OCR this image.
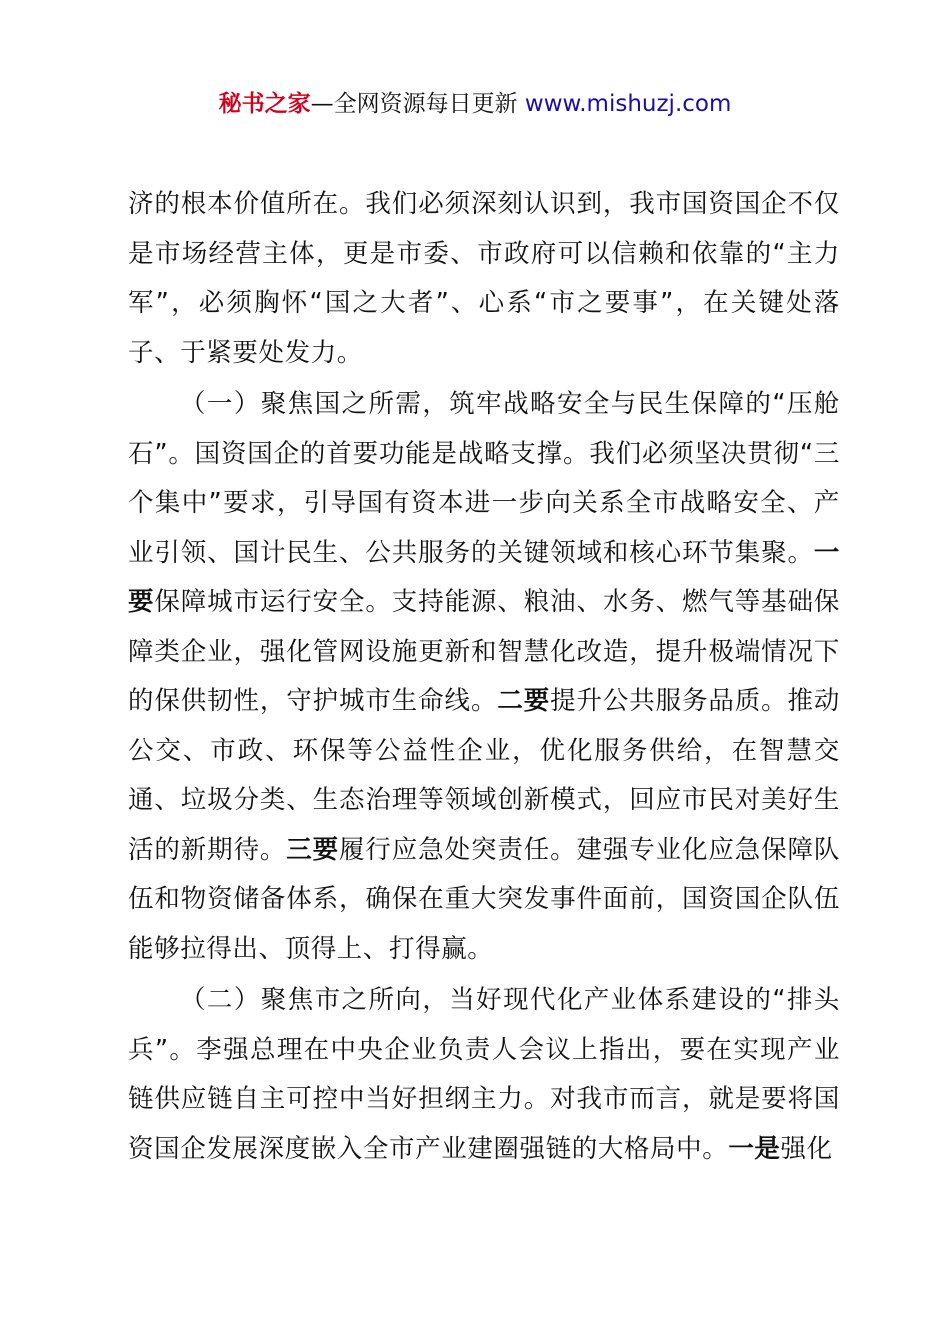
秘书之家—全网资源每日更新 www.mishuzj.com

济的根本价值所在。我们必须深刻认识到，我市国资国企不仅是市场经营主体，更是市委、市政府可以信赖和依靠的“主力军”，必须胸怀“国之大者”、心系“市之要事”，在关键处落子、于紧要处发力。

（一）聚焦国之所需，筑牢战略安全与民生保障的“压舱石”。国资国企的首要功能是战略支撑。我们必须坚决贯彻“三个集中”要求，引导国有资本进一步向关系全市战略安全、产业引领、国计民生、公共服务的关键领域和核心环节集聚。一要保障城市运行安全。支持能源、粮油、水务、燃气等基础保障类企业，强化管网设施更新和智慧化改造，提升极端情况下的保供韧性，守护城市生命线。二要提升公共服务品质。推动公交、市政、环保等公益性企业，优化服务供给，在智慧交通、垃圾分类、生态治理等领域创新模式，回应市民对美好生活的新期待。三要履行应急处突责任。建强专业化应急保障队伍和物资储备体系，确保在重大突发事件面前，国资国企队伍能够拉得出、顶得上、打得赢。

（二）聚焦市之所向，当好现代化产业体系建设的“排头兵”。李强总理在中央企业负责人会议上指出，要在实现产业链供应链自主可控中当好担纲主力。对我市而言，就是要将国资国企发展深度嵌入全市产业建圈强链的大格局中。一是强化
